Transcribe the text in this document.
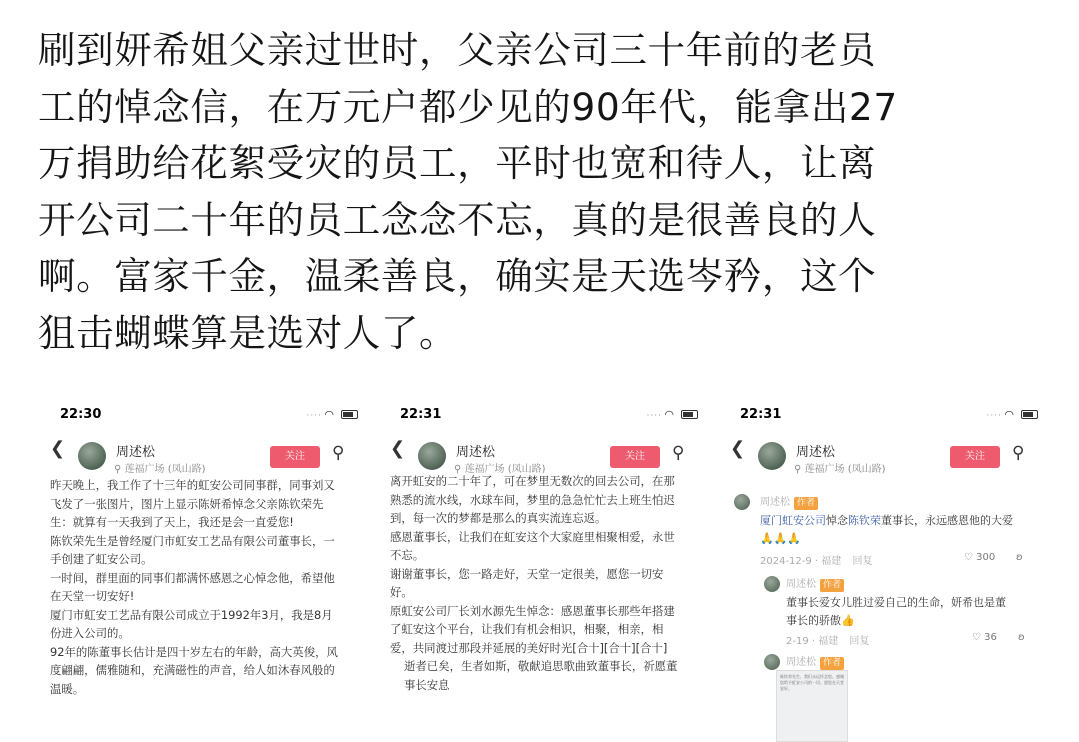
刷到妍希姐父亲过世时，父亲公司三十年前的老员
工的悼念信，在万元户都少见的90年代，能拿出27
万捐助给花絮受灾的员工，平时也宽和待人，让离
开公司二十年的员工念念不忘，真的是很善良的人
啊。富家千金，温柔善良，确实是天选岑矜，这个
狙击蝴蝶算是选对人了。
22:30	···· ◠
❮	周述松
⚲ 莲福广场 (凤山路)
关注	⚲

昨天晚上，我工作了十三年的虹安公司同事群，同事刘又飞发了一张图片，图片上显示陈妍希悼念父亲陈钦荣先生：就算有一天我到了天上，我还是会一直爱您!

陈钦荣先生是曾经厦门市虹安工艺品有限公司董事长，一手创建了虹安公司。

一时间，群里面的同事们都满怀感恩之心悼念他，希望他在天堂一切安好!

厦门市虹安工艺品有限公司成立于1992年3月，我是8月份进入公司的。

92年的陈董事长估计是四十岁左右的年龄，高大英俊，风度翩翩，儒雅随和，充满磁性的声音，给人如沐春风般的温暖。

22:31	···· ◠
❮	周述松
⚲ 莲福广场 (凤山路)
关注	⚲

离开虹安的二十年了，可在梦里无数次的回去公司，在那熟悉的流水线，水球车间，梦里的急急忙忙去上班生怕迟到，每一次的梦都是那么的真实流连忘返。

感恩董事长，让我们在虹安这个大家庭里相聚相爱，永世不忘。

谢谢董事长，您一路走好，天堂一定很美，愿您一切安好。

原虹安公司厂长刘水源先生悼念：感恩董事长那些年搭建了虹安这个平台，让我们有机会相识，相聚，相亲，相爱，共同渡过那段并延展的美好时光[合十][合十][合十]

逝者已矣，生者如斯，敬献追思歌曲致董事长，祈愿董事长安息

22:31	···· ◠
❮	周述松
⚲ 莲福广场 (凤山路)
关注	⚲
周述松 作者
厦门虹安公司悼念陈钦荣董事长，永远感恩他的大爱🙏🙏🙏
2024-12-9 · 福建 回复	♡ 300 ʚ
周述松 作者
董事长爱女儿胜过爱自己的生命，妍希也是董事长的骄傲👍
2-19 · 福建 回复	♡ 36 ʚ
周述松 作者
陈钦荣先生，我们永远怀念您。感谢您给予虹安公司的一切。愿您在天堂安好。
